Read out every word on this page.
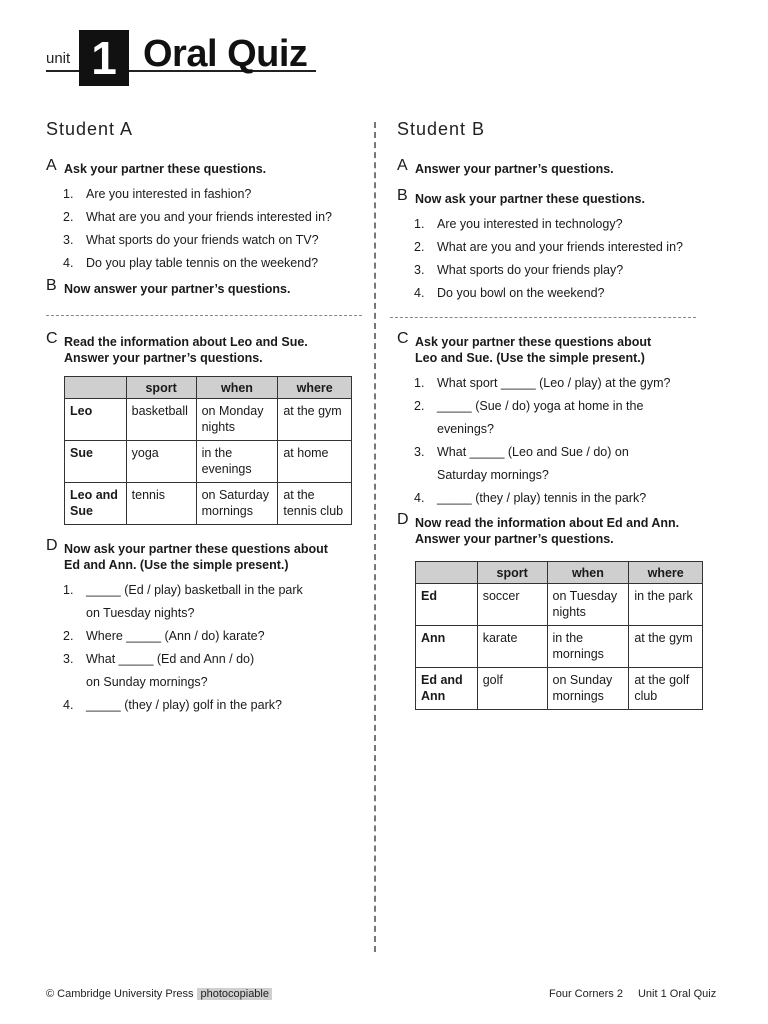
unit 1 Oral Quiz
Student A
A Ask your partner these questions.
1. Are you interested in fashion?
2. What are you and your friends interested in?
3. What sports do your friends watch on TV?
4. Do you play table tennis on the weekend?
B Now answer your partner’s questions.
C Read the information about Leo and Sue.
Answer your partner’s questions.
	sport	when	where
Leo	basketball	on Monday nights	at the gym
Sue	yoga	in the evenings	at home
Leo and Sue	tennis	on Saturday mornings	at the tennis club
D Now ask your partner these questions about
Ed and Ann. (Use the simple present.)
1. _____ (Ed / play) basketball in the park
on Tuesday nights?
2. Where _____ (Ann / do) karate?
3. What _____ (Ed and Ann / do)
on Sunday mornings?
4. _____ (they / play) golf in the park?
Student B
A Answer your partner’s questions.
B Now ask your partner these questions.
1. Are you interested in technology?
2. What are you and your friends interested in?
3. What sports do your friends play?
4. Do you bowl on the weekend?
C Ask your partner these questions about
Leo and Sue. (Use the simple present.)
1. What sport _____ (Leo / play) at the gym?
2. _____ (Sue / do) yoga at home in the
evenings?
3. What _____ (Leo and Sue / do) on
Saturday mornings?
4. _____ (they / play) tennis in the park?
D Now read the information about Ed and Ann.
Answer your partner’s questions.
	sport	when	where
Ed	soccer	on Tuesday nights	in the park
Ann	karate	in the mornings	at the gym
Ed and Ann	golf	on Sunday mornings	at the golf club
© Cambridge University Press photocopiable	Four Corners 2 Unit 1 Oral Quiz
